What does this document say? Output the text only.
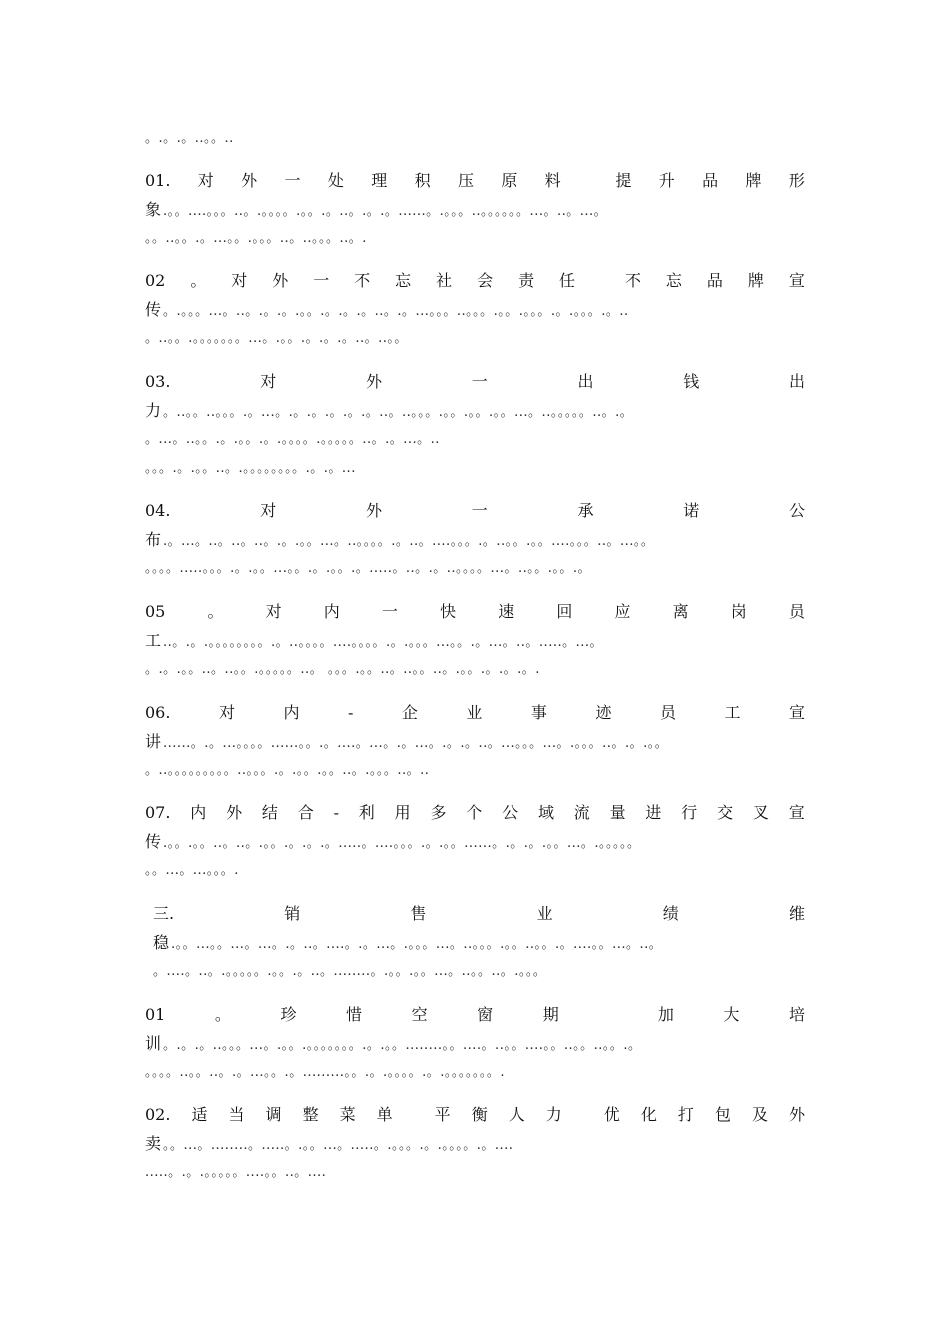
。.。.。..。。..
01. 对 外 一 处 理 积 压 原 料	提 升 品 牌 形
象 .。。....。。。..。.。。。。.。。.。..。.。.。......。.。。。..。。。。。。...。..。...。
。。..。。.。...。。.。。。..。..。。。..。.
02 。 对 外 一 不 忘 社 会 责 任	不 忘 品 牌 宣
传 。.。。。...。..。.。.。.。。.。.。.。..。.。...。。。..。。。.。。.。。。.。.。。。.。..
。..。。.。。。。。。。...。.。。.。.。.。..。..。。
03.	对	外	一	出	钱	出
力 。..。。..。。。.。...。.。.。.。.。.。..。..。。。.。。.。。.。。...。..。。。。。..。.。
。...。..。。.。.。。.。.。。。。.。。。。。..。.。...。..
。。。.。.。。..。.。。。。。。。。.。.。...
04.	对	外	一	承	诺	公
布 .。...。..。..。..。.。.。。...。..。。。。.。..。....。。。.。..。。.。。....。。。..。...。。
。。。。.....。。。.。.。。...。。.。.。。.。.....。..。.。..。。。。...。..。。.。。.。
05	。	对	内	一	快	速	回	应	离	岗	员
工 ..。.。.。。。。。。。。.。..。。。。....。。。。.。.。。。...。。.。...。..。.....。...。
。.。.。。..。..。。.。。。。。..。 。。。.。。..。..。。..。.。。.。.。.。.
06.	对	内	-	企	业	事	迹	员	工	宣
讲 ......。.。...。。。。......。。.。....。...。.。...。.。.。..。...。。。...。.。。。..。.。.。。
。..。。。。。。。。。..。。。.。.。。.。。..。.。。。..。..
07. 内 外 结 合 - 利 用 多 个 公 域 流 量 进 行 交 叉 宣
传 .。。.。。..。..。.。。.。.。.。.....。....。。。.。.。。......。.。.。.。。...。.。。。。。
。。...。...。。。.
三.	销	售	业	绩	维
稳 .。。...。。...。...。.。..。....。.。...。.。。。...。..。。。.。。..。。.。....。。...。..。
。....。..。.。。。。。.。。.。..。........。.。。.。。...。..。。..。.。。。
01	。	珍	惜	空	窗	期	加	大	培
训 。.。.。..。。。...。.。。.。。。。。。。.。.。。........。。....。..。。....。。..。。..。。.。
。。。。..。。..。.。...。。.。.........。。.。.。。。。.。.。。。。。。。.
02. 适 当 调 整 菜 单	平 衡 人 力	优 化 打 包 及 外
卖 。。...。........。.....。.。。...。.....。.。。。.。.。。。。.。....
.....。.。.。。。。。....。。..。....
